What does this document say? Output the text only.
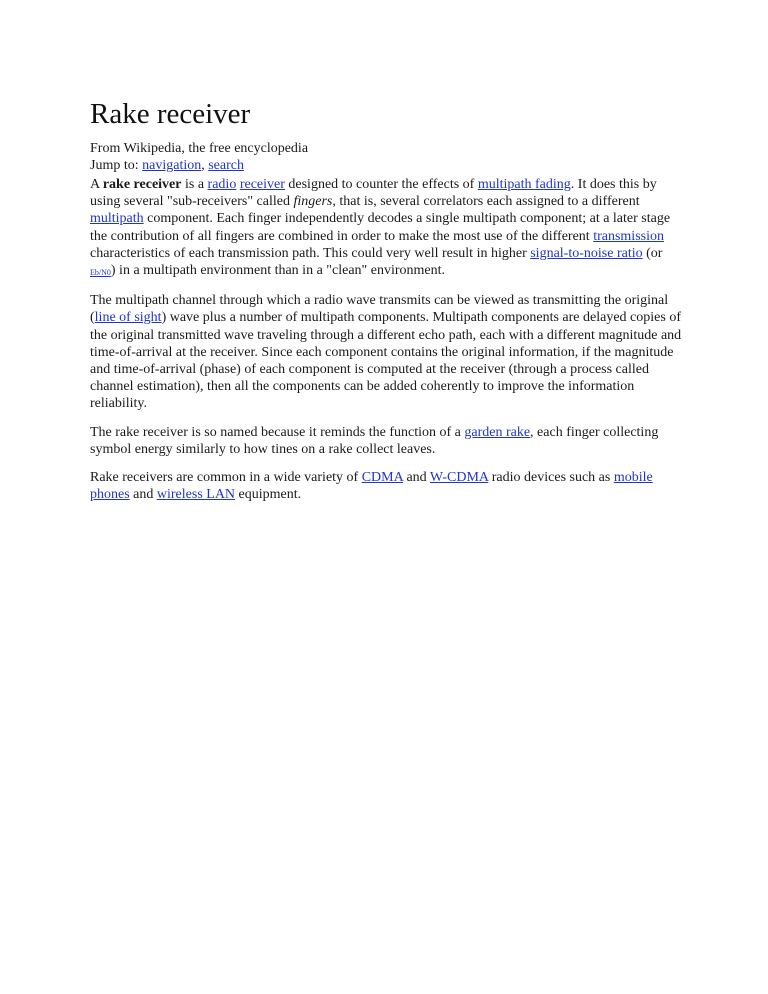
Rake receiver
From Wikipedia, the free encyclopedia
Jump to: navigation, search

A rake receiver is a radio receiver designed to counter the effects of multipath fading. It does this by using several "sub-receivers" called fingers, that is, several correlators each assigned to a different multipath component. Each finger independently decodes a single multipath component; at a later stage the contribution of all fingers are combined in order to make the most use of the different transmission characteristics of each transmission path. This could very well result in higher signal-to-noise ratio (or Eb/N0) in a multipath environment than in a "clean" environment.

The multipath channel through which a radio wave transmits can be viewed as transmitting the original (line of sight) wave plus a number of multipath components. Multipath components are delayed copies of the original transmitted wave traveling through a different echo path, each with a different magnitude and time-of-arrival at the receiver. Since each component contains the original information, if the magnitude and time-of-arrival (phase) of each component is computed at the receiver (through a process called channel estimation), then all the components can be added coherently to improve the information reliability.

The rake receiver is so named because it reminds the function of a garden rake, each finger collecting symbol energy similarly to how tines on a rake collect leaves.

Rake receivers are common in a wide variety of CDMA and W-CDMA radio devices such as mobile phones and wireless LAN equipment.
